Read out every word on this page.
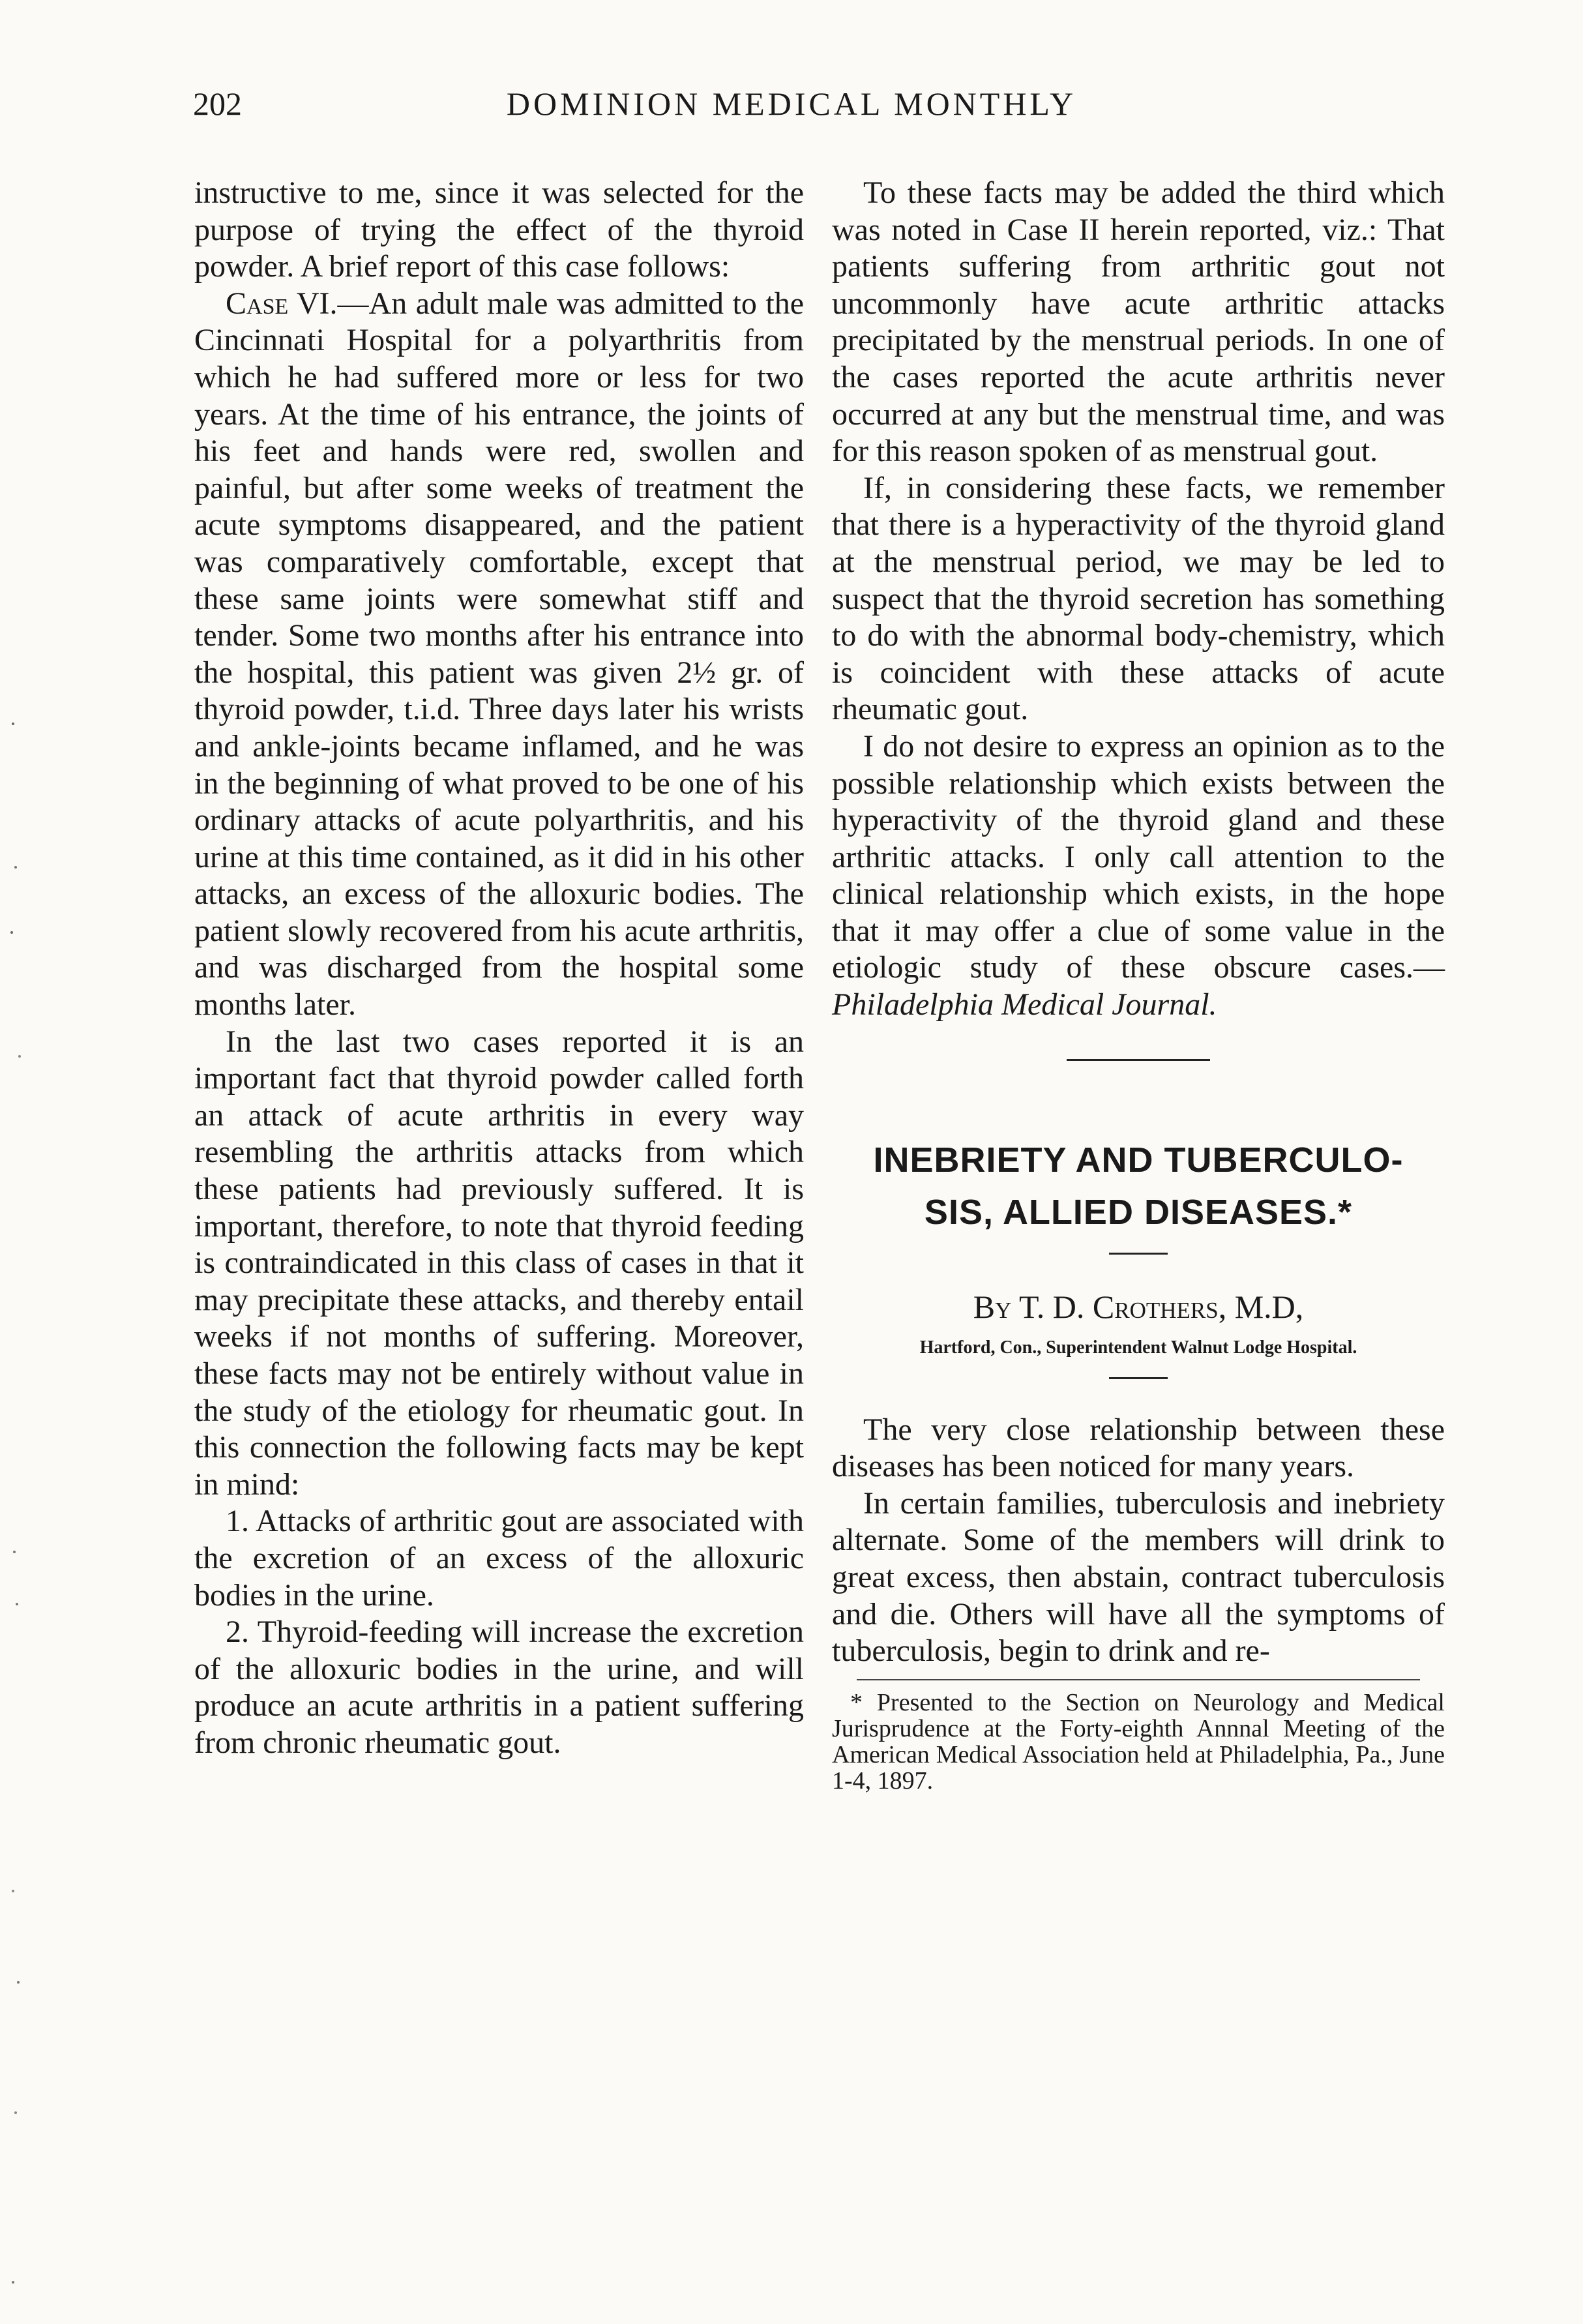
202	DOMINION MEDICAL MONTHLY

instructive to me, since it was selected for the purpose of trying the effect of the thyroid powder. A brief report of this case follows:

Case VI.—An adult male was admitted to the Cincinnati Hospital for a polyarthritis from which he had suffered more or less for two years. At the time of his entrance, the joints of his feet and hands were red, swollen and painful, but after some weeks of treatment the acute symptoms disappeared, and the patient was comparatively comfortable, except that these same joints were somewhat stiff and tender. Some two months after his entrance into the hospital, this patient was given 2½ gr. of thyroid powder, t.i.d. Three days later his wrists and ankle-joints became inflamed, and he was in the beginning of what proved to be one of his ordinary attacks of acute polyarthritis, and his urine at this time contained, as it did in his other attacks, an excess of the alloxuric bodies. The patient slowly recovered from his acute arthritis, and was discharged from the hospital some months later.

In the last two cases reported it is an important fact that thyroid powder called forth an attack of acute arthritis in every way resembling the arthritis attacks from which these patients had previously suffered. It is important, therefore, to note that thyroid feeding is contraindicated in this class of cases in that it may precipitate these attacks, and thereby entail weeks if not months of suffering. Moreover, these facts may not be entirely without value in the study of the etiology for rheumatic gout. In this connection the following facts may be kept in mind:

1. Attacks of arthritic gout are associated with the excretion of an excess of the alloxuric bodies in the urine.

2. Thyroid-feeding will increase the excretion of the alloxuric bodies in the urine, and will produce an acute arthritis in a patient suffering from chronic rheumatic gout.

To these facts may be added the third which was noted in Case II herein reported, viz.: That patients suffering from arthritic gout not uncommonly have acute arthritic attacks precipitated by the menstrual periods. In one of the cases reported the acute arthritis never occurred at any but the menstrual time, and was for this reason spoken of as menstrual gout.

If, in considering these facts, we remember that there is a hyperactivity of the thyroid gland at the menstrual period, we may be led to suspect that the thyroid secretion has something to do with the abnormal body-chemistry, which is coincident with these attacks of acute rheumatic gout.

I do not desire to express an opinion as to the possible relationship which exists between the hyperactivity of the thyroid gland and these arthritic attacks. I only call attention to the clinical relationship which exists, in the hope that it may offer a clue of some value in the etiologic study of these obscure cases.—Philadelphia Medical Journal.

INEBRIETY AND TUBERCULO-
SIS, ALLIED DISEASES.*
By T. D. Crothers, M.D,
Hartford, Con., Superintendent Walnut Lodge Hospital.

The very close relationship between these diseases has been noticed for many years.

In certain families, tuberculosis and inebriety alternate. Some of the members will drink to great excess, then abstain, contract tuberculosis and die. Others will have all the symptoms of tuberculosis, begin to drink and re-

* Presented to the Section on Neurology and Medical Jurisprudence at the Forty-eighth Annnal Meeting of the American Medical Association held at Philadelphia, Pa., June 1-4, 1897.
